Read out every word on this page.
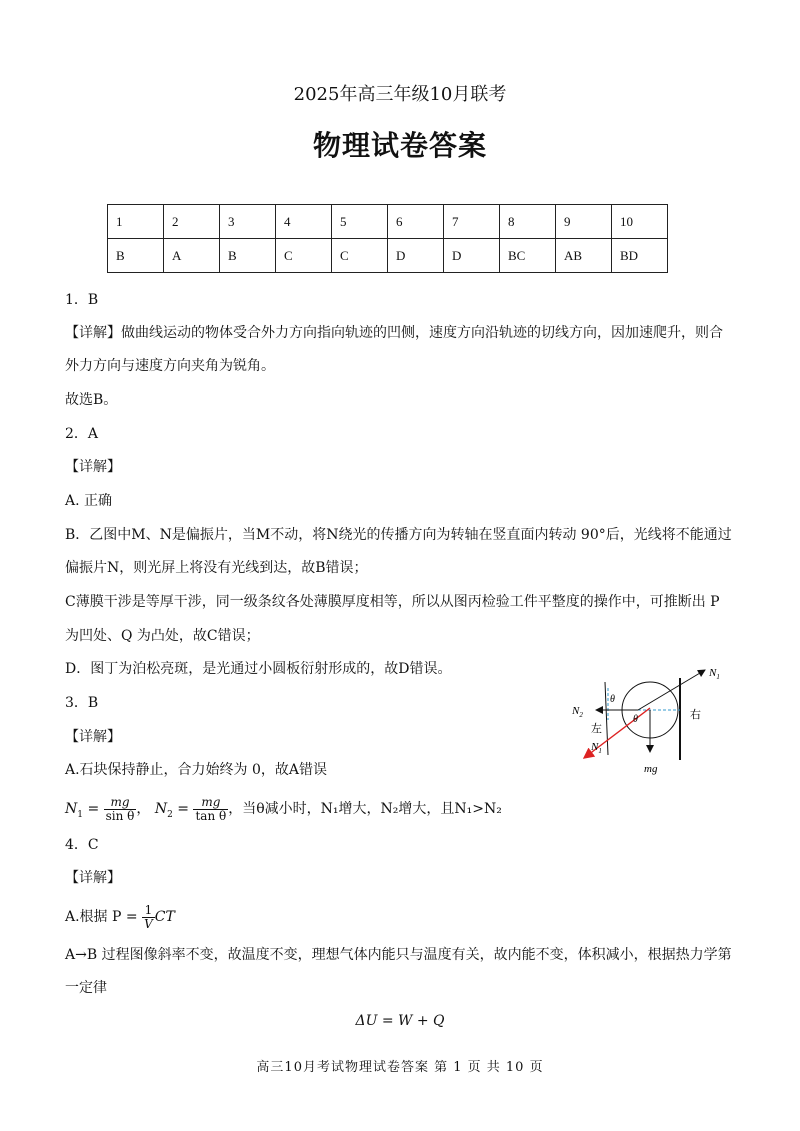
2025年高三年级10月联考
物理试卷答案
1	2	3	4	5	6	7	8	9	10
B	A	B	C	C	D	D	BC	AB	BD
1．B
【详解】做曲线运动的物体受合外力方向指向轨迹的凹侧，速度方向沿轨迹的切线方向，因加速爬升，则合
外力方向与速度方向夹角为锐角。
故选B。
2．A
【详解】
A. 正确
B．乙图中M、N是偏振片，当M不动，将N绕光的传播方向为转轴在竖直面内转动 90°后，光线将不能通过
偏振片N，则光屏上将没有光线到达，故B错误；
C薄膜干涉是等厚干涉，同一级条纹各处薄膜厚度相等，所以从图丙检验工件平整度的操作中，可推断出 P
为凹处、Q 为凸处，故C错误；
D．图丁为泊松亮斑，是光通过小圆板衍射形成的，故D错误。
3．B
【详解】
A.石块保持静止，合力始终为 0，故A错误
$N_1 = \frac{mg}{\text{sin θ}}$ ， $N_2 = \frac{mg}{\text{tan θ}}$ ，当θ减小时，N₁增大，N₂增大，且N₁>N₂
$N_1$
$N_2$
$N_1$
左
右
θ
θ
mg
4．C
【详解】
A.根据 $P = \frac{1}{V}$ CT
A→B 过程图像斜率不变，故温度不变，理想气体内能只与温度有关，故内能不变，体积减小，根据热力学第
一定律
ΔU = W + Q
高三10月考试物理试卷答案 第 1 页 共 10 页
